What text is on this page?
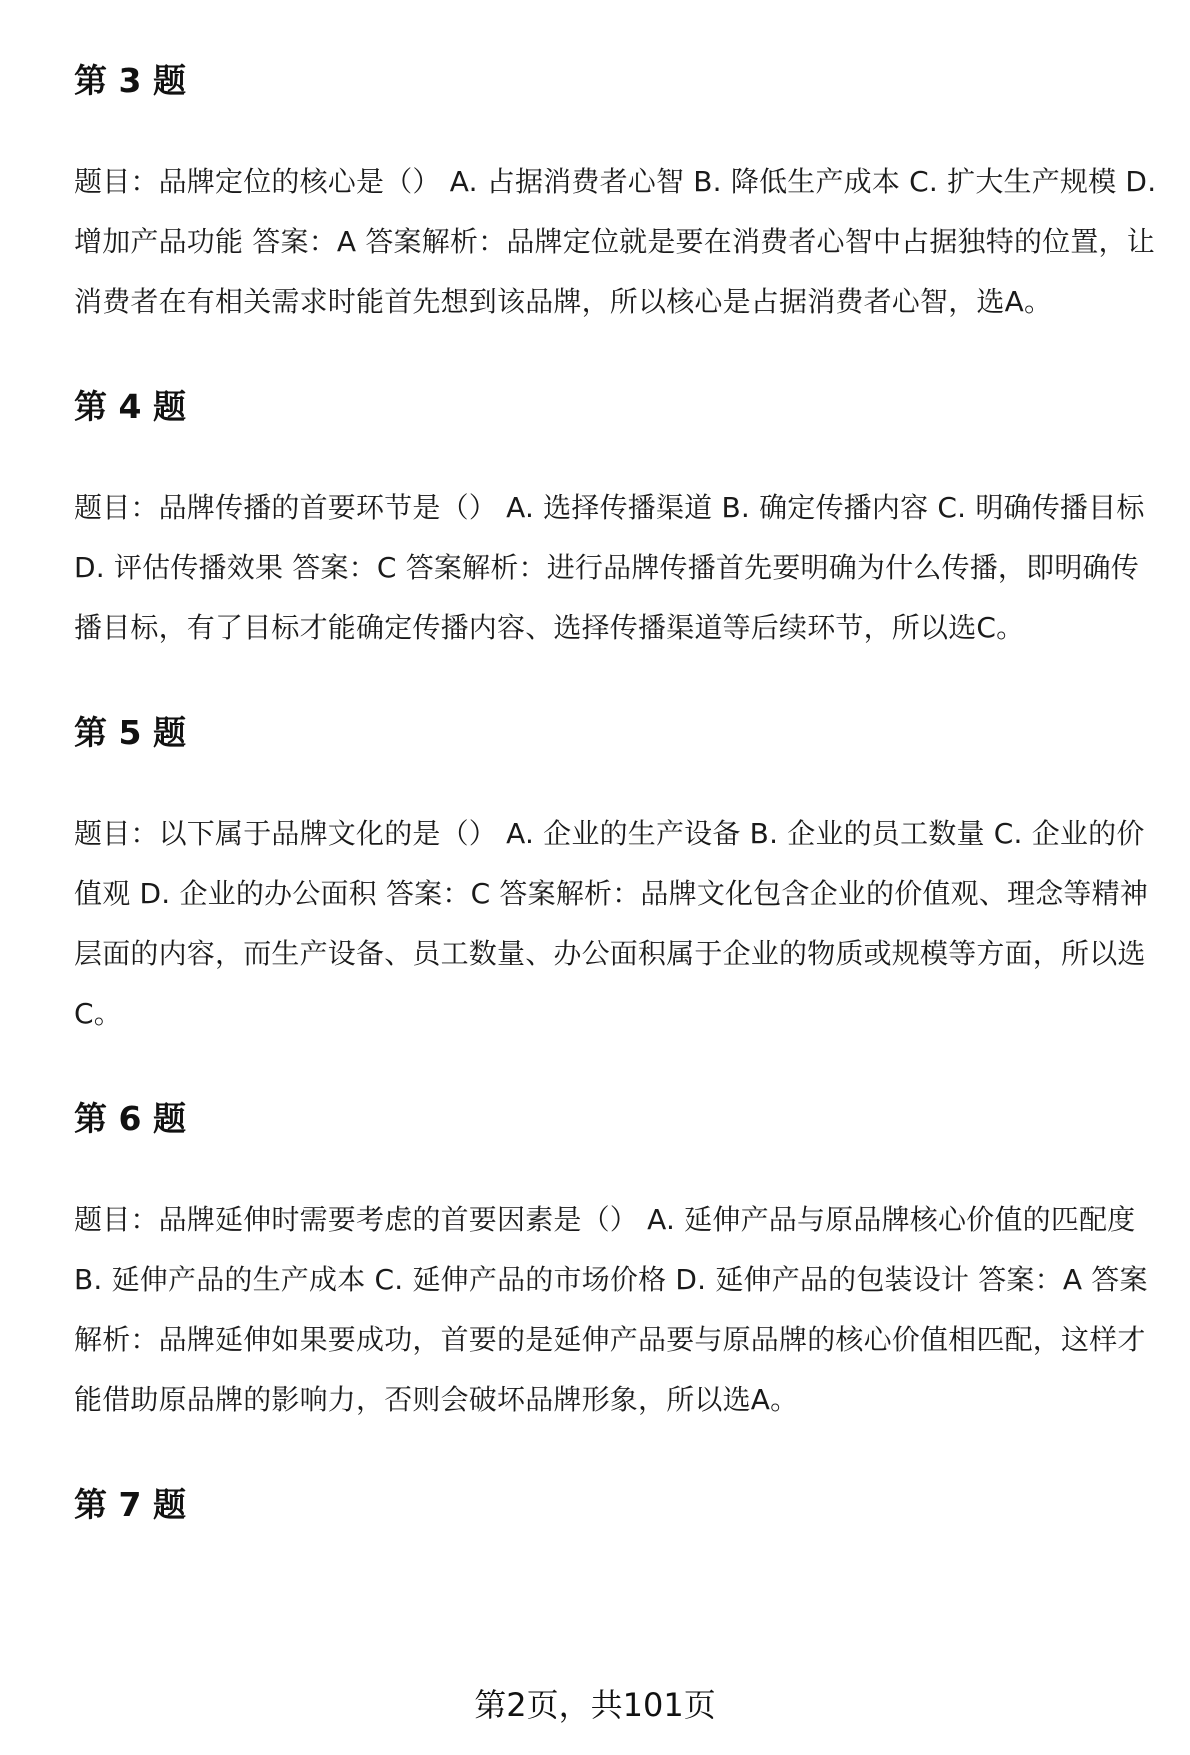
第 3 题

题目：品牌定位的核心是（） A. 占据消费者心智 B. 降低生产成本 C. 扩大生产规模 D. 增加产品功能 答案：A 答案解析：品牌定位就是要在消费者心智中占据独特的位置，让消费者在有相关需求时能首先想到该品牌，所以核心是占据消费者心智，选A。

第 4 题

题目：品牌传播的首要环节是（） A. 选择传播渠道 B. 确定传播内容 C. 明确传播目标 D. 评估传播效果 答案：C 答案解析：进行品牌传播首先要明确为什么传播，即明确传播目标，有了目标才能确定传播内容、选择传播渠道等后续环节，所以选C。

第 5 题

题目：以下属于品牌文化的是（） A. 企业的生产设备 B. 企业的员工数量 C. 企业的价值观 D. 企业的办公面积 答案：C 答案解析：品牌文化包含企业的价值观、理念等精神层面的内容，而生产设备、员工数量、办公面积属于企业的物质或规模等方面，所以选C。

第 6 题

题目：品牌延伸时需要考虑的首要因素是（） A. 延伸产品与原品牌核心价值的匹配度 B. 延伸产品的生产成本 C. 延伸产品的市场价格 D. 延伸产品的包装设计 答案：A 答案解析：品牌延伸如果要成功，首要的是延伸产品要与原品牌的核心价值相匹配，这样才能借助原品牌的影响力，否则会破坏品牌形象，所以选A。

第 7 题
第2页，共101页
